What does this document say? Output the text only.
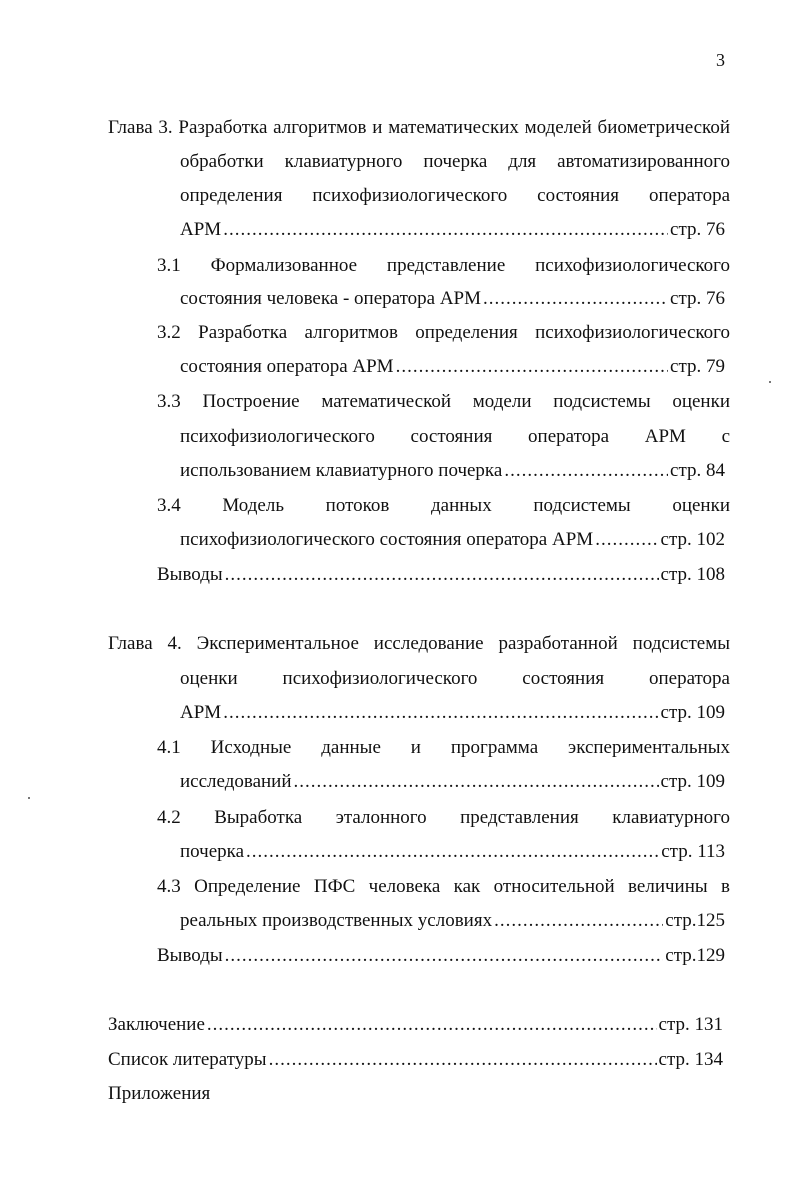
3
Глава 3. Разработка алгоритмов и математических моделей биометрической
обработки клавиатурного почерка для автоматизированного
определения психофизиологического состояния оператора
АРМ .....	стр. 76
3.1 Формализованное представление психофизиологического
состояния человека - оператора АРМ .....	стр. 76
3.2 Разработка алгоритмов определения психофизиологического
состояния оператора АРМ .....	стр. 79
3.3 Построение математической модели подсистемы оценки
психофизиологического состояния оператора АРМ с
использованием клавиатурного почерка .....	стр. 84
3.4 Модель потоков данных подсистемы оценки
психофизиологического состояния оператора АРМ .....	стр. 102
Выводы .....	стр. 108
Глава 4. Экспериментальное исследование разработанной подсистемы
оценки психофизиологического состояния оператора
АРМ .....	стр. 109
4.1 Исходные данные и программа экспериментальных
исследований .....	стр. 109
4.2 Выработка эталонного представления клавиатурного
почерка .....	стр. 113
4.3 Определение ПФС человека как относительной величины в
реальных производственных условиях .....	стр.125
Выводы .....	стр.129
Заключение .....	стр. 131
Список литературы .....	стр. 134
Приложения
